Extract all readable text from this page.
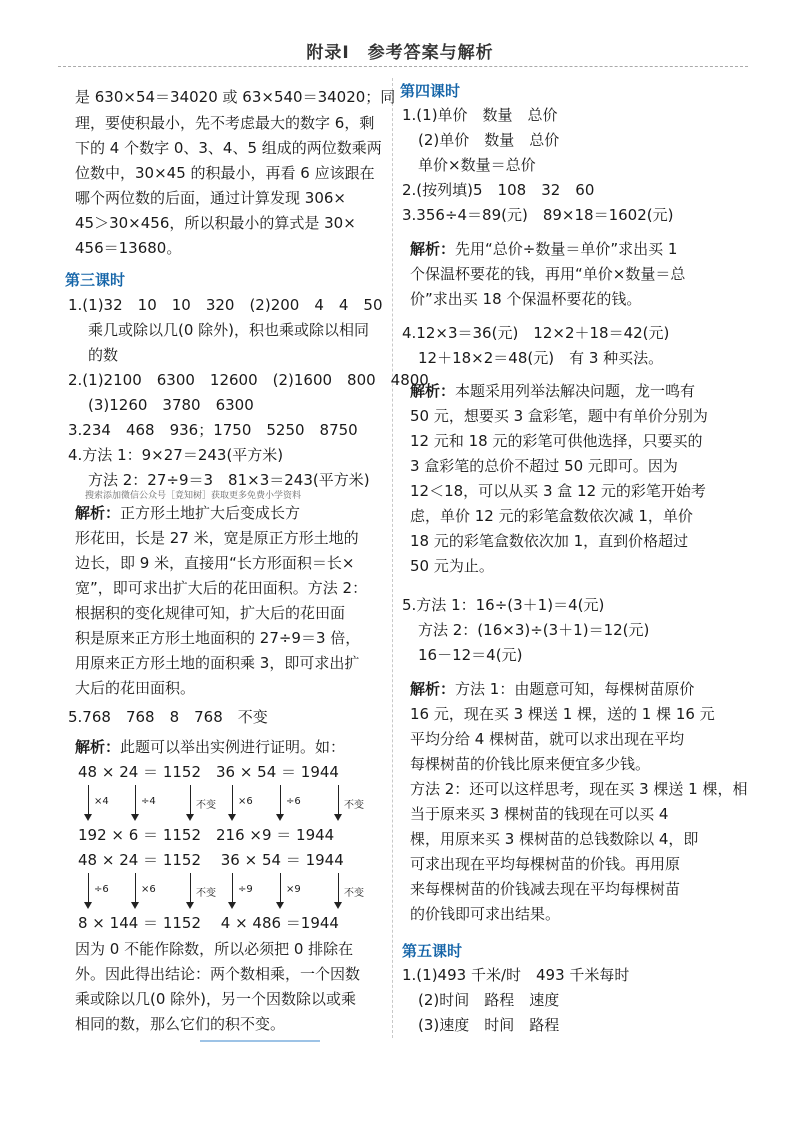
附录Ⅰ　参考答案与解析
是 630×54＝34020 或 63×540＝34020；同
理，要使积最小，先不考虑最大的数字 6，剩
下的 4 个数字 0、3、4、5 组成的两位数乘两
位数中，30×45 的积最小，再看 6 应该跟在
哪个两位数的后面，通过计算发现 306×
45＞30×456，所以积最小的算式是 30×
456＝13680。
第三课时
1.(1)32　10　10　320　(2)200　4　4　50
乘几或除以几(0 除外)，积也乘或除以相同
的数
2.(1)2100　6300　12600　(2)1600　800　4800
(3)1260　3780　6300
3.234　468　936；1750　5250　8750
4.方法 1：9×27＝243(平方米)
方法 2：27÷9＝3　81×3＝243(平方米)
搜索添加微信公众号［竟知树］获取更多免费小学资料
解析：正方形土地扩大后变成长方
形花田，长是 27 米，宽是原正方形土地的
边长，即 9 米，直接用“长方形面积＝长×
宽”，即可求出扩大后的花田面积。方法 2：
根据积的变化规律可知，扩大后的花田面
积是原来正方形土地面积的 27÷9＝3 倍，
用原来正方形土地的面积乘 3，即可求出扩
大后的花田面积。
5.768　768　8　768　不变
解析：此题可以举出实例进行证明。如：
48 × 24 ＝ 1152　36 × 54 ＝ 1944
×4	÷4	不变 ×6	÷6	不变
192 × 6 ＝ 1152　216 ×9 ＝ 1944
48 × 24 ＝ 1152　 36 × 54 ＝ 1944
÷6	×6	不变 ÷9	×9	不变
8 × 144 ＝ 1152　 4 × 486 ＝1944
因为 0 不能作除数，所以必须把 0 排除在
外。因此得出结论：两个数相乘，一个因数
乘或除以几(0 除外)，另一个因数除以或乘
相同的数，那么它们的积不变。
第四课时
1.(1)单价　数量　总价
(2)单价　数量　总价
单价×数量＝总价
2.(按列填)5　108　32　60
3.356÷4＝89(元)　89×18＝1602(元)
解析：先用“总价÷数量＝单价”求出买 1
个保温杯要花的钱，再用“单价×数量＝总
价”求出买 18 个保温杯要花的钱。
4.12×3＝36(元)　12×2＋18＝42(元)
12＋18×2＝48(元)　有 3 种买法。
解析：本题采用列举法解决问题，龙一鸣有
50 元，想要买 3 盒彩笔，题中有单价分别为
12 元和 18 元的彩笔可供他选择，只要买的
3 盒彩笔的总价不超过 50 元即可。因为
12＜18，可以从买 3 盒 12 元的彩笔开始考
虑，单价 12 元的彩笔盒数依次减 1，单价
18 元的彩笔盒数依次加 1，直到价格超过
50 元为止。
5.方法 1：16÷(3＋1)＝4(元)
方法 2：(16×3)÷(3＋1)＝12(元)
16－12＝4(元)
解析：方法 1：由题意可知，每棵树苗原价
16 元，现在买 3 棵送 1 棵，送的 1 棵 16 元
平均分给 4 棵树苗，就可以求出现在平均
每棵树苗的价钱比原来便宜多少钱。
方法 2：还可以这样思考，现在买 3 棵送 1 棵，相
当于原来买 3 棵树苗的钱现在可以买 4
棵，用原来买 3 棵树苗的总钱数除以 4，即
可求出现在平均每棵树苗的价钱。再用原
来每棵树苗的价钱减去现在平均每棵树苗
的价钱即可求出结果。
第五课时
1.(1)493 千米/时　493 千米每时
(2)时间　路程　速度
(3)速度　时间　路程
